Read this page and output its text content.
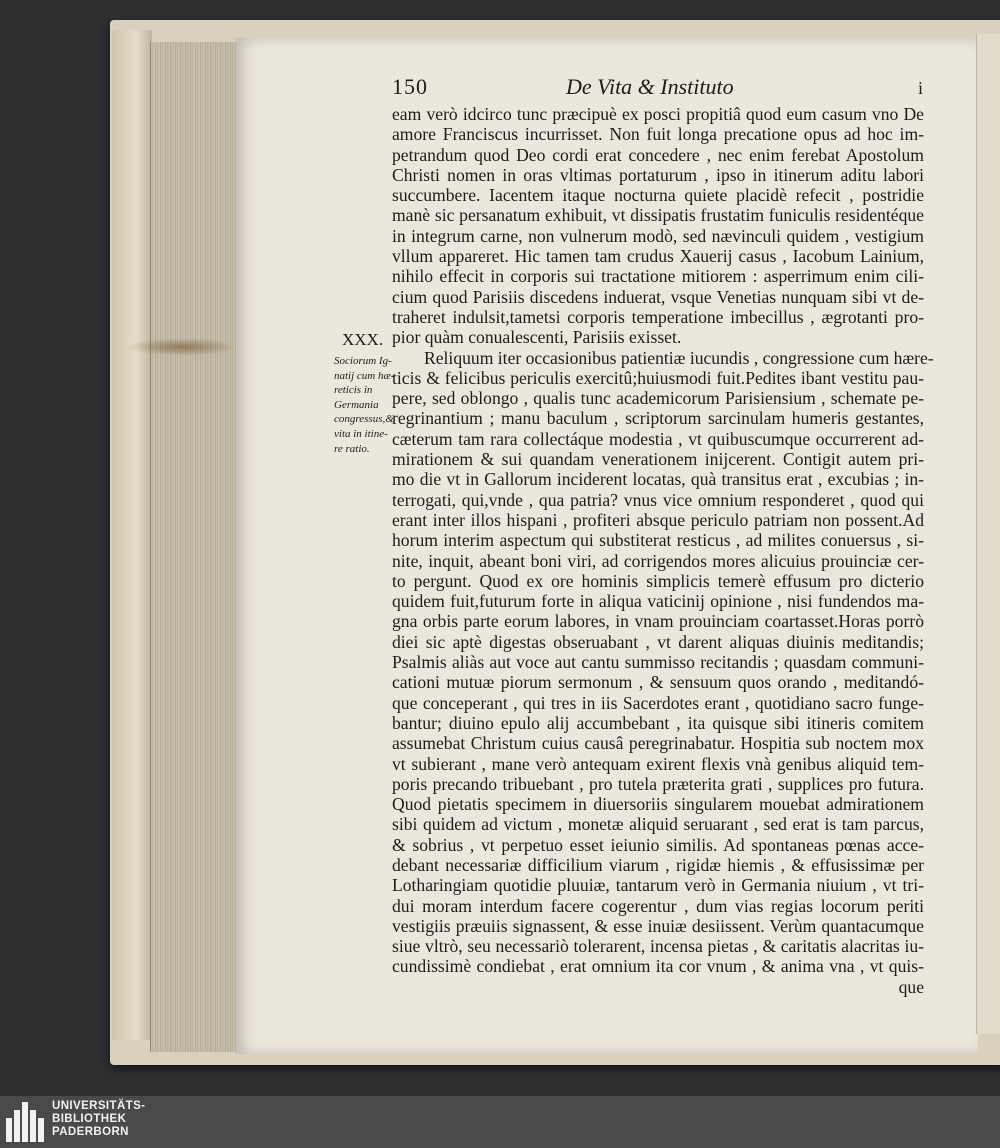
150	De Vita & Instituto	i
XXX.
Sociorum Ig-
natij cum hæ-
reticis in
Germania
congressus,&
vita in itine-
re ratio.
eam verò idcirco tunc præcipuè ex posci propitiâ quod eum casum vno De
amore Franciscus incurrisset. Non fuit longa precatione opus ad hoc im-
petrandum quod Deo cordi erat concedere , nec enim ferebat Apostolum
Christi nomen in oras vltimas portaturum , ipso in itinerum aditu labori
succumbere. Iacentem itaque nocturna quiete placidè refecit , postridie
manè sic persanatum exhibuit, vt dissipatis frustatim funiculis residentéque
in integrum carne, non vulnerum modò, sed nævinculi quidem , vestigium
vllum appareret. Hic tamen tam crudus Xauerij casus , Iacobum Lainium,
nihilo effecit in corporis sui tractatione mitiorem : asperrimum enim cili-
cium quod Parisiis discedens induerat, vsque Venetias nunquam sibi vt de-
traheret indulsit,tametsi corporis temperatione imbecillus , ægrotanti pro-
pior quàm conualescenti, Parisiis exisset.
Reliquum iter occasionibus patientiæ iucundis , congressione cum hære-
ticis & felicibus periculis exercitû;huiusmodi fuit.Pedites ibant vestitu pau-
pere, sed oblongo , qualis tunc academicorum Parisiensium , schemate pe-
regrinantium ; manu baculum , scriptorum sarcinulam humeris gestantes,
cæterum tam rara collectáque modestia , vt quibuscumque occurrerent ad-
mirationem & sui quandam venerationem inijcerent. Contigit autem pri-
mo die vt in Gallorum inciderent locatas, quà transitus erat , excubias ; in-
terrogati, qui,vnde , qua patria? vnus vice omnium responderet , quod qui
erant inter illos hispani , profiteri absque periculo patriam non possent.Ad
horum interim aspectum qui substiterat resticus , ad milites conuersus , si-
nite, inquit, abeant boni viri, ad corrigendos mores alicuius prouinciæ cer-
to pergunt. Quod ex ore hominis simplicis temerè effusum pro dicterio
quidem fuit,futurum forte in aliqua vaticinij opinione , nisi fundendos ma-
gna orbis parte eorum labores, in vnam prouinciam coartasset.Horas porrò
diei sic aptè digestas obseruabant , vt darent aliquas diuinis meditandis;
Psalmis aliàs aut voce aut cantu summisso recitandis ; quasdam communi-
cationi mutuæ piorum sermonum , & sensuum quos orando , meditandó-
que conceperant , qui tres in iis Sacerdotes erant , quotidiano sacro funge-
bantur; diuino epulo alij accumbebant , ita quisque sibi itineris comitem
assumebat Christum cuius causâ peregrinabatur. Hospitia sub noctem mox
vt subierant , mane verò antequam exirent flexis vnà genibus aliquid tem-
poris precando tribuebant , pro tutela præterita grati , supplices pro futura.
Quod pietatis specimem in diuersoriis singularem mouebat admirationem
sibi quidem ad victum , monetæ aliquid seruarant , sed erat is tam parcus,
& sobrius , vt perpetuo esset ieiunio similis. Ad spontaneas pœnas acce-
debant necessariæ difficilium viarum , rigidæ hiemis , & effusissimæ per
Lotharingiam quotidie pluuiæ, tantarum verò in Germania niuium , vt tri-
dui moram interdum facere cogerentur , dum vias regias locorum periti
vestigiis præuiis signassent, & esse inuiæ desiissent. Verùm quantacumque
siue vltrò, seu necessariò tolerarent, incensa pietas , & caritatis alacritas iu-
cundissimè condiebat , erat omnium ita cor vnum , & anima vna , vt quis-
que
UNIVERSITÄTS-
BIBLIOTHEK
PADERBORN
